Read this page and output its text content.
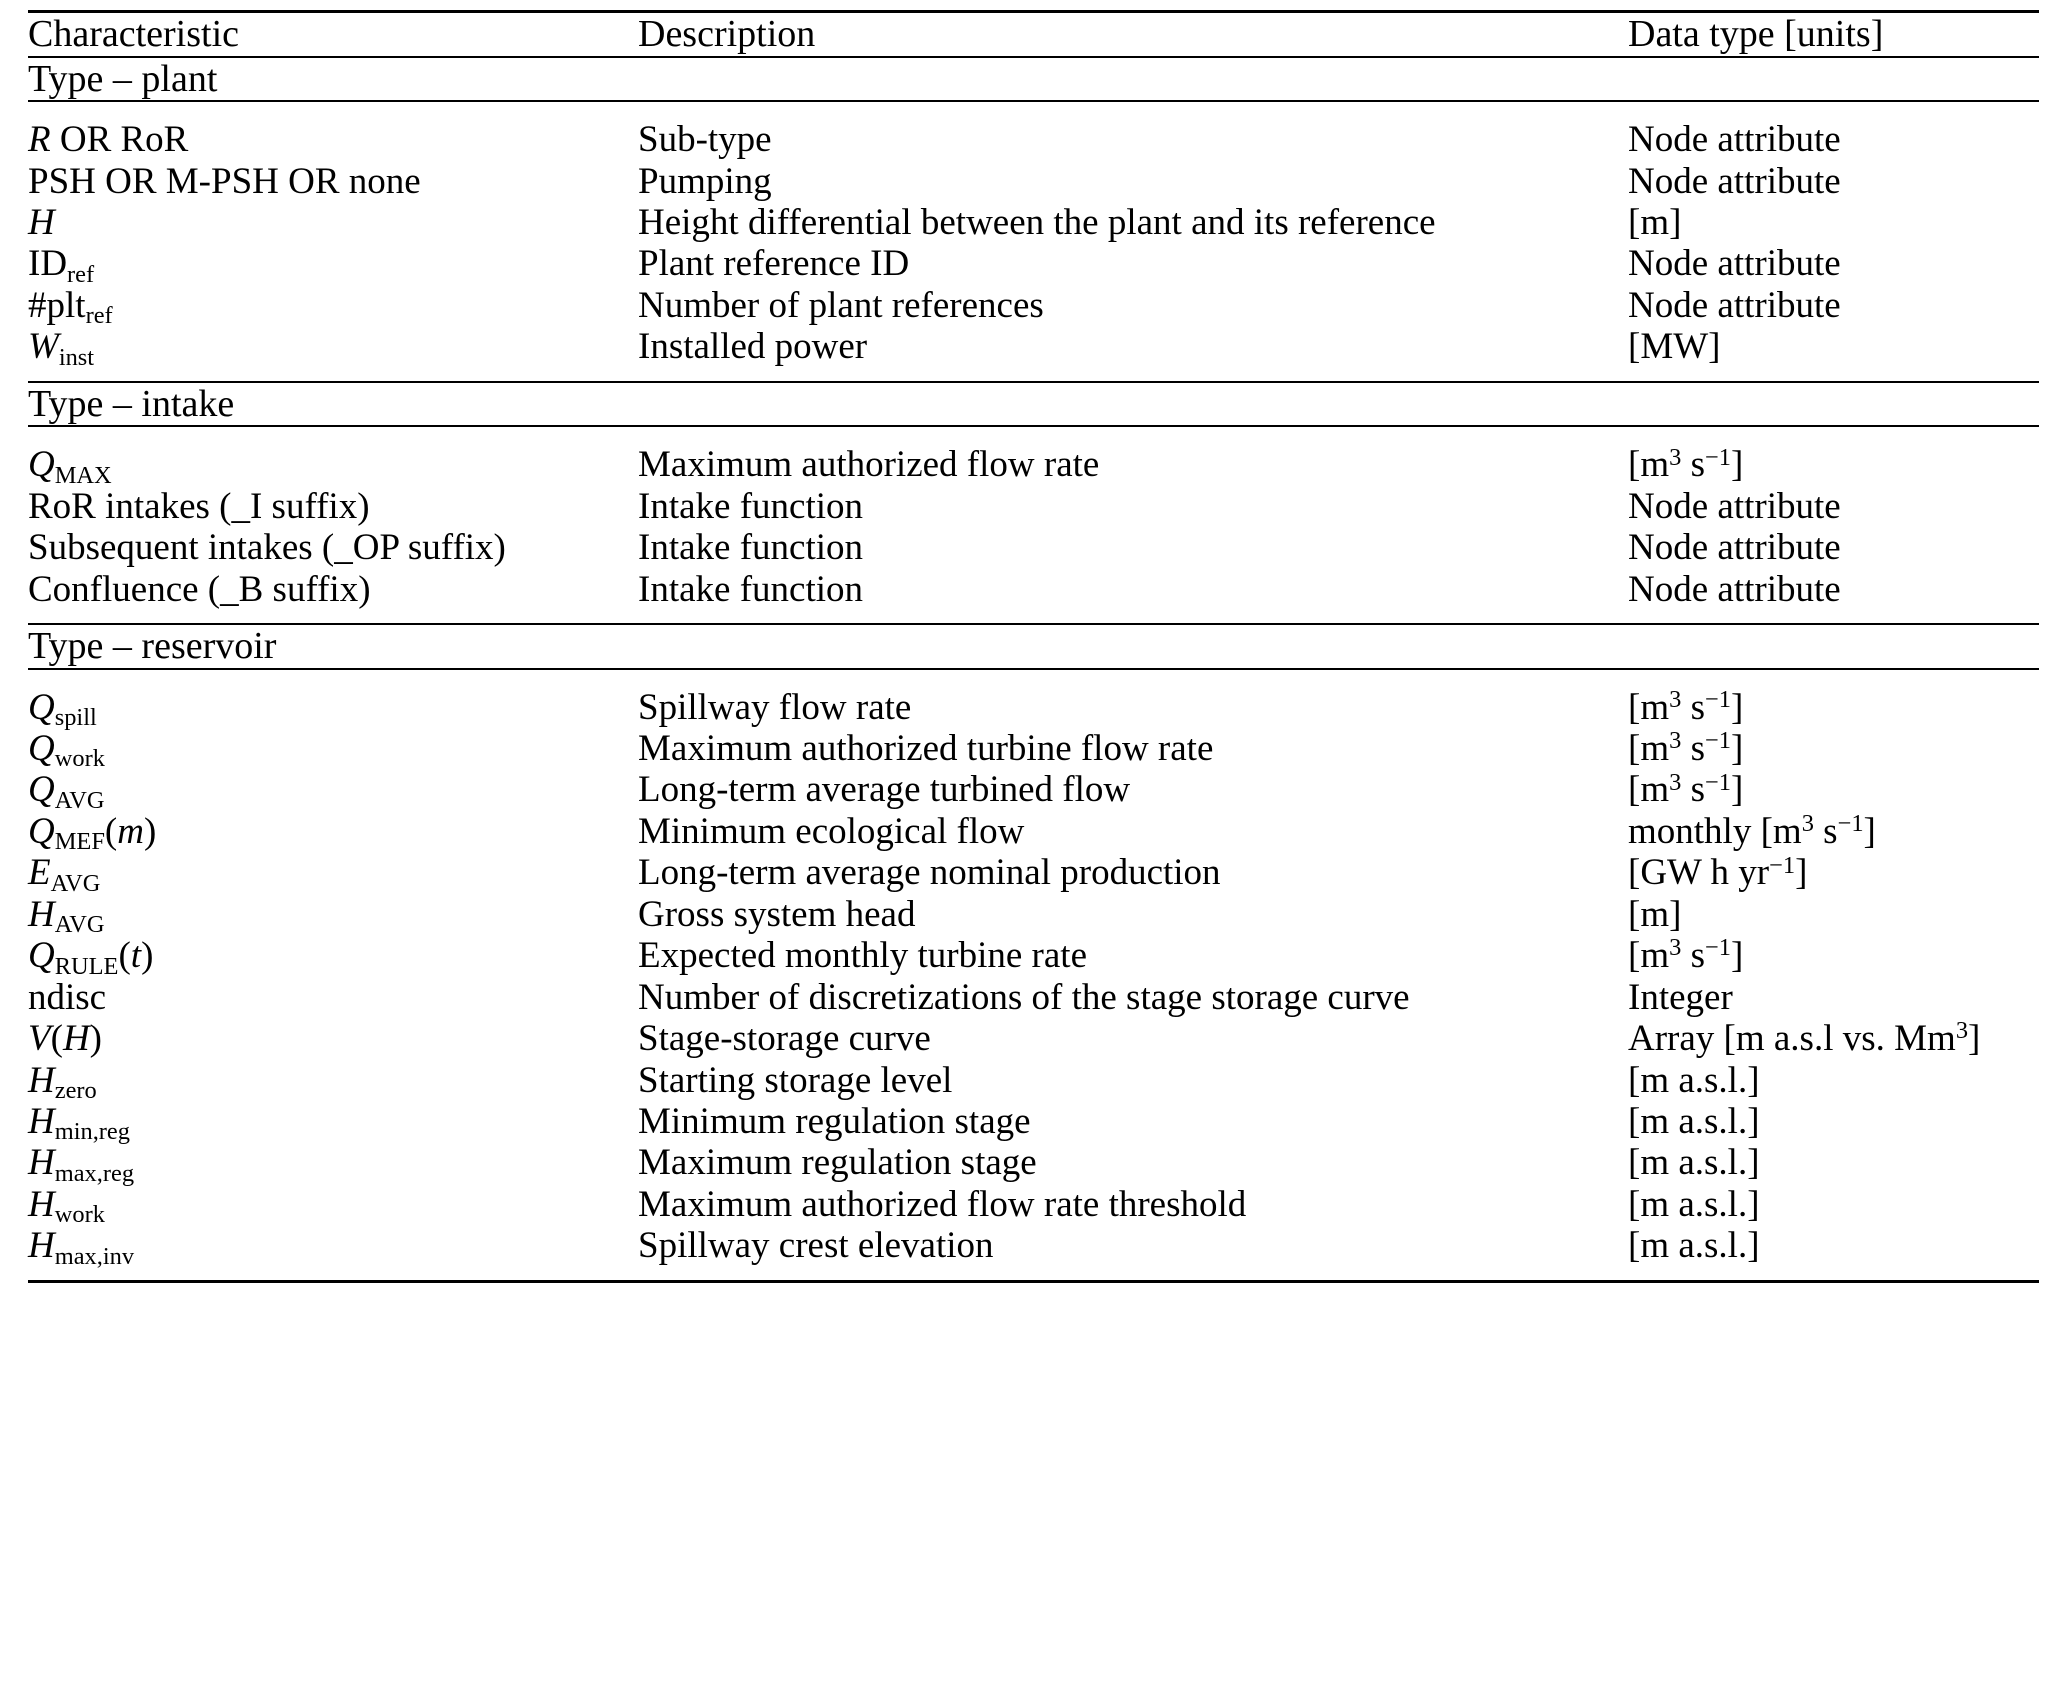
Characteristic	Description	Data type [units]
Type – plant		
R OR RoR	Sub-type	Node attribute
PSH OR M-PSH OR none	Pumping	Node attribute
H	Height differential between the plant and its reference	[m]
$ID_{ref}$	Plant reference ID	Node attribute
#plt$_{ref}$	Number of plant references	Node attribute
$W_{inst}$	Installed power	[MW]
Type – intake		
$Q_{MAX}$	Maximum authorized flow rate	[$m^3$ $s^{-1}$]
RoR intakes (_I suffix)	Intake function	Node attribute
Subsequent intakes (_OP suffix)	Intake function	Node attribute
Confluence (_B suffix)	Intake function	Node attribute
Type – reservoir		
$Q_{spill}$	Spillway flow rate	[$m^3$ $s^{-1}$]
$Q_{work}$	Maximum authorized turbine flow rate	[$m^3$ $s^{-1}$]
$Q_{AVG}$	Long-term average turbined flow	[$m^3$ $s^{-1}$]
$Q_{MEF}(m)$	Minimum ecological flow	monthly [$m^3$ $s^{-1}$]
$E_{AVG}$	Long-term average nominal production	[GW h $yr^{-1}$]
$H_{AVG}$	Gross system head	[m]
$Q_{RULE}(t)$	Expected monthly turbine rate	[$m^3$ $s^{-1}$]
ndisc	Number of discretizations of the stage storage curve	Integer
V(H)	Stage-storage curve	Array [m a.s.l vs. Mm$^3$]
$H_{zero}$	Starting storage level	[m a.s.l.]
$H_{min,reg}$	Minimum regulation stage	[m a.s.l.]
$H_{max,reg}$	Maximum regulation stage	[m a.s.l.]
$H_{work}$	Maximum authorized flow rate threshold	[m a.s.l.]
$H_{max,inv}$	Spillway crest elevation	[m a.s.l.]
